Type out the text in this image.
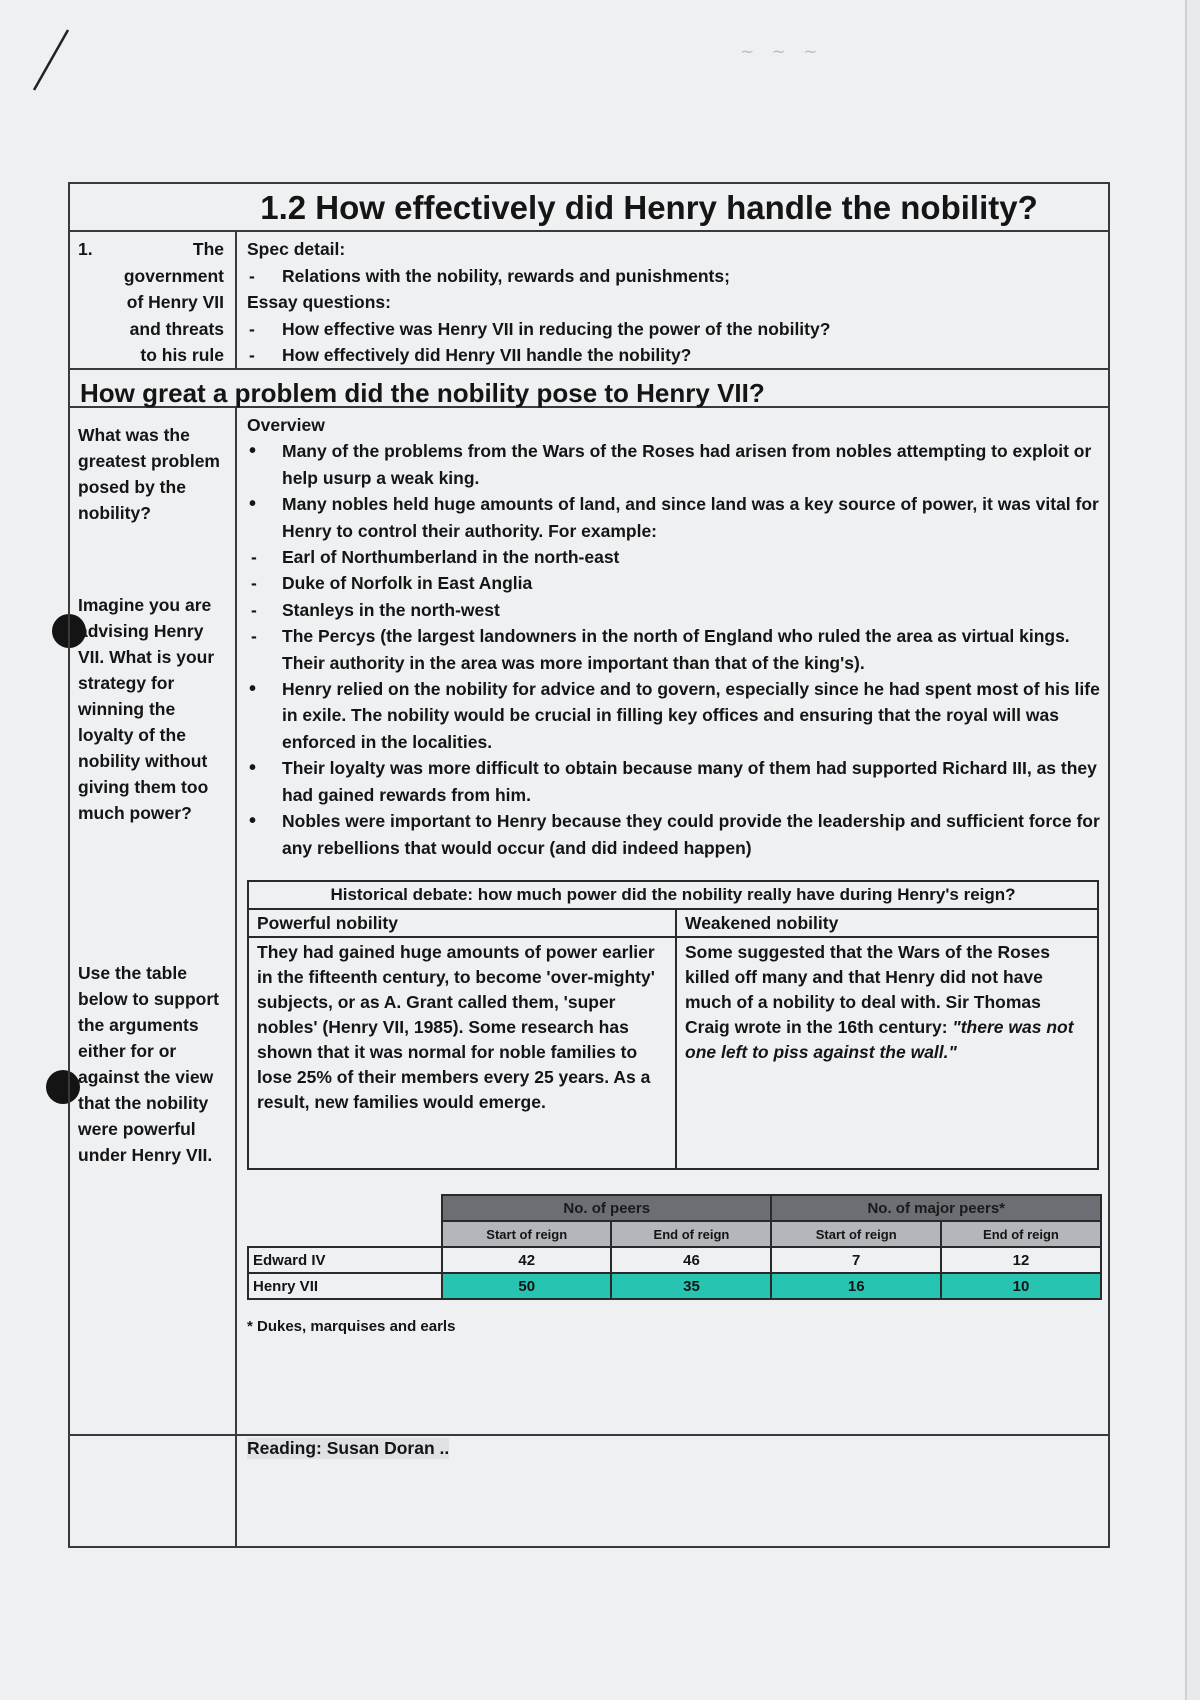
~ ~ ~
1.2 How effectively did Henry handle the nobility?
1.	The government of Henry VII and threats to his rule
Spec detail:
- Relations with the nobility, rewards and punishments;
Essay questions:
- How effective was Henry VII in reducing the power of the nobility?
- How effectively did Henry VII handle the nobility?
How great a problem did the nobility pose to Henry VII?
What was the greatest problem posed by the nobility?
Imagine you are advising Henry VII. What is your strategy for winning the loyalty of the nobility without giving them too much power?
Use the table below to support the arguments either for or against the view that the nobility were powerful under Henry VII.
Overview
• Many of the problems from the Wars of the Roses had arisen from nobles attempting to exploit or help usurp a weak king.
• Many nobles held huge amounts of land, and since land was a key source of power, it was vital for Henry to control their authority. For example:
- Earl of Northumberland in the north-east
- Duke of Norfolk in East Anglia
- Stanleys in the north-west
- The Percys (the largest landowners in the north of England who ruled the area as virtual kings. Their authority in the area was more important than that of the king's).
• Henry relied on the nobility for advice and to govern, especially since he had spent most of his life in exile. The nobility would be crucial in filling key offices and ensuring that the royal will was enforced in the localities.
• Their loyalty was more difficult to obtain because many of them had supported Richard III, as they had gained rewards from him.
• Nobles were important to Henry because they could provide the leadership and sufficient force for any rebellions that would occur (and did indeed happen)
Historical debate: how much power did the nobility really have during Henry's reign?
Powerful nobility
They had gained huge amounts of power earlier in the fifteenth century, to become 'over-mighty' subjects, or as A. Grant called them, 'super nobles' (Henry VII, 1985). Some research has shown that it was normal for noble families to lose 25% of their members every 25 years. As a result, new families would emerge.
Weakened nobility
Some suggested that the Wars of the Roses killed off many and that Henry did not have much of a nobility to deal with. Sir Thomas Craig wrote in the 16th century: "there was not one left to piss against the wall."
	No. of peers		No. of major peers*	
	Start of reign	End of reign	Start of reign	End of reign
Edward IV	42	46	7	12
Henry VII	50	35	16	10
* Dukes, marquises and earls
Reading: Susan Doran ..
